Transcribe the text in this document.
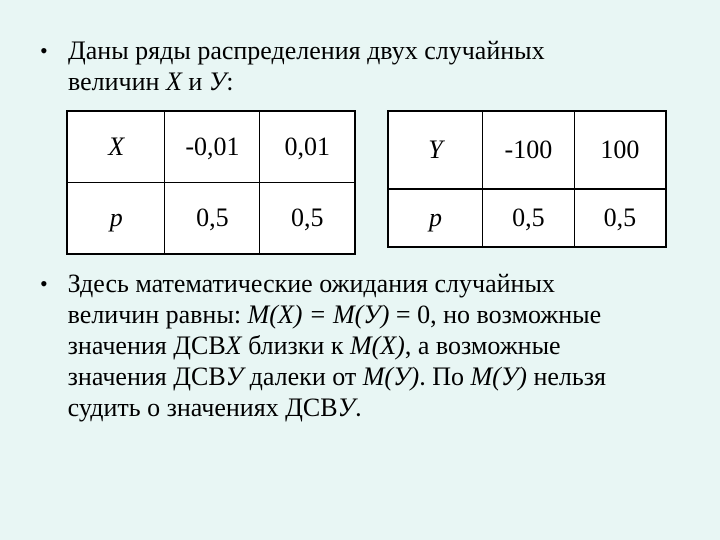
• Даны ряды распределения двух случайных
величин X и У:
X	-0,01	0,01
p	0,5	0,5
Y	-100	100
p	0,5	0,5
• Здесь математические ожидания случайных
величин равны: M(X) = M(У) = 0, но возможные
значения ДСВX близки к M(X), а возможные
значения ДСВУ далеки от M(У). По M(У) нельзя
судить о значениях ДСВУ.
